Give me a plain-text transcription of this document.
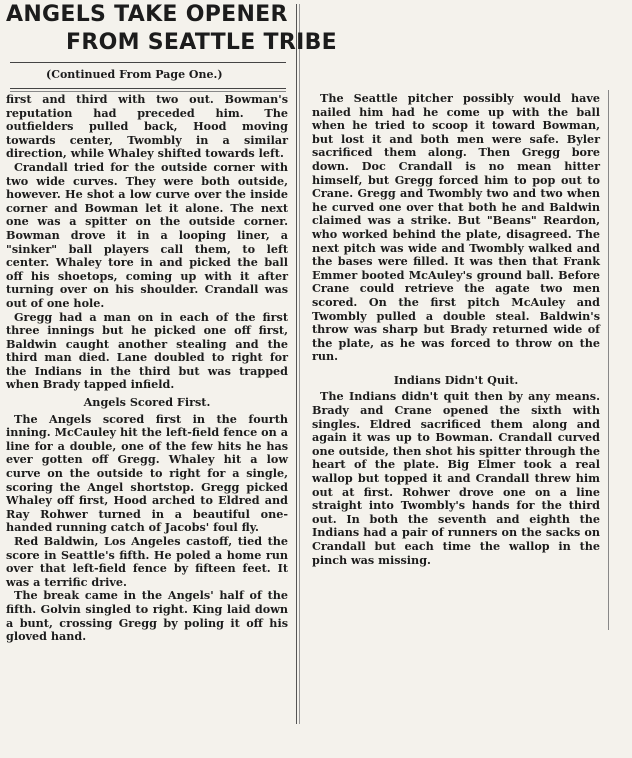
ANGELS TAKE OPENER
FROM SEATTLE TRIBE
(Continued From Page One.)

first and third with two out. Bowman's reputation had preceded him. The outfielders pulled back, Hood moving towards center, Twombly in a similar direction, while Whaley shifted towards left.

Crandall tried for the outside corner with two wide curves. They were both outside, however. He shot a low curve over the inside corner and Bowman let it alone. The next one was a spitter on the outside corner. Bowman drove it in a looping liner, a "sinker" ball players call them, to left center. Whaley tore in and picked the ball off his shoetops, coming up with it after turning over on his shoulder. Crandall was out of one hole.

Gregg had a man on in each of the first three innings but he picked one off first, Baldwin caught another stealing and the third man died. Lane doubled to right for the Indians in the third but was trapped when Brady tapped infield.

Angels Scored First.

The Angels scored first in the fourth inning. McCauley hit the left-field fence on a line for a double, one of the few hits he has ever gotten off Gregg. Whaley hit a low curve on the outside to right for a single, scoring the Angel shortstop. Gregg picked Whaley off first, Hood arched to Eldred and Ray Rohwer turned in a beautiful one-handed running catch of Jacobs' foul fly.

Red Baldwin, Los Angeles castoff, tied the score in Seattle's fifth. He poled a home run over that left-field fence by fifteen feet. It was a terrific drive.

The break came in the Angels' half of the fifth. Golvin singled to right. King laid down a bunt, crossing Gregg by poling it off his gloved hand.

The Seattle pitcher possibly would have nailed him had he come up with the ball when he tried to scoop it toward Bowman, but lost it and both men were safe. Byler sacrificed them along. Then Gregg bore down. Doc Crandall is no mean hitter himself, but Gregg forced him to pop out to Crane. Gregg and Twombly two and two when he curved one over that both he and Baldwin claimed was a strike. But "Beans" Reardon, who worked behind the plate, disagreed. The next pitch was wide and Twombly walked and the bases were filled. It was then that Frank Emmer booted McAuley's ground ball. Before Crane could retrieve the agate two men scored. On the first pitch McAuley and Twombly pulled a double steal. Baldwin's throw was sharp but Brady returned wide of the plate, as he was forced to throw on the run.

Indians Didn't Quit.

The Indians didn't quit then by any means. Brady and Crane opened the sixth with singles. Eldred sacrificed them along and again it was up to Bowman. Crandall curved one outside, then shot his spitter through the heart of the plate. Big Elmer took a real wallop but topped it and Crandall threw him out at first. Rohwer drove one on a line straight into Twombly's hands for the third out. In both the seventh and eighth the Indians had a pair of runners on the sacks on Crandall but each time the wallop in the pinch was missing.
